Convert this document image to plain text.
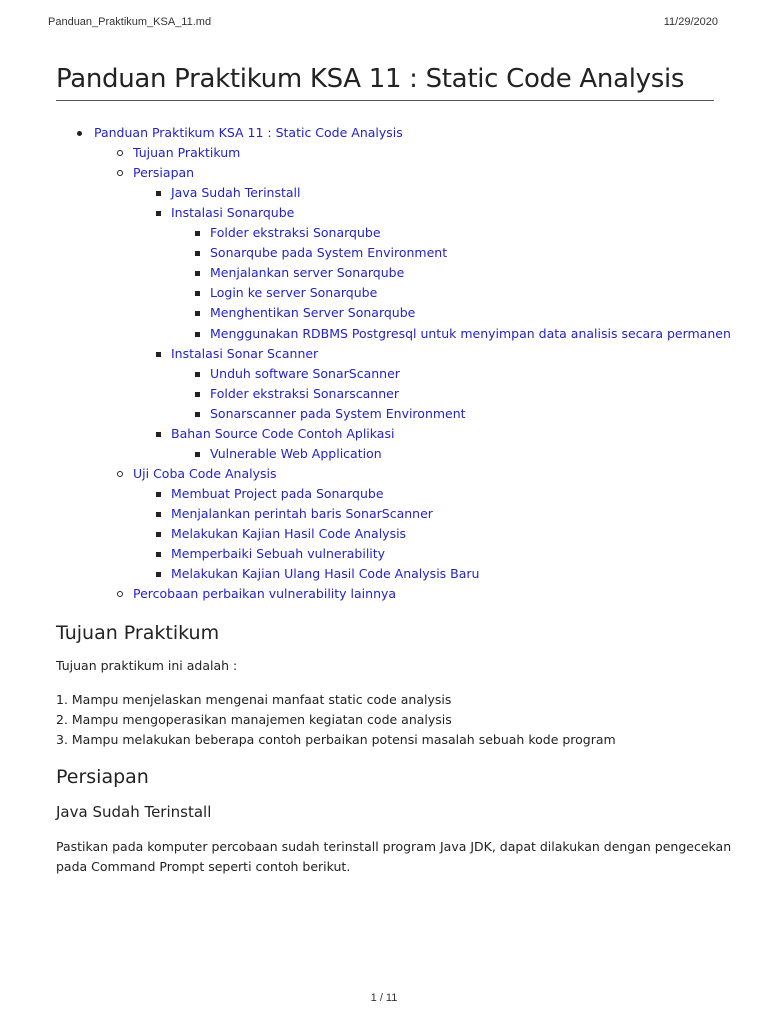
Panduan_Praktikum_KSA_11.md	11/29/2020
Panduan Praktikum KSA 11 : Static Code Analysis
Panduan Praktikum KSA 11 : Static Code Analysis
Tujuan Praktikum
Persiapan
Java Sudah Terinstall
Instalasi Sonarqube
Folder ekstraksi Sonarqube
Sonarqube pada System Environment
Menjalankan server Sonarqube
Login ke server Sonarqube
Menghentikan Server Sonarqube
Menggunakan RDBMS Postgresql untuk menyimpan data analisis secara permanen
Instalasi Sonar Scanner
Unduh software SonarScanner
Folder ekstraksi Sonarscanner
Sonarscanner pada System Environment
Bahan Source Code Contoh Aplikasi
Vulnerable Web Application
Uji Coba Code Analysis
Membuat Project pada Sonarqube
Menjalankan perintah baris SonarScanner
Melakukan Kajian Hasil Code Analysis
Memperbaiki Sebuah vulnerability
Melakukan Kajian Ulang Hasil Code Analysis Baru
Percobaan perbaikan vulnerability lainnya
Tujuan Praktikum

Tujuan praktikum ini adalah :

1. Mampu menjelaskan mengenai manfaat static code analysis
2. Mampu mengoperasikan manajemen kegiatan code analysis
3. Mampu melakukan beberapa contoh perbaikan potensi masalah sebuah kode program
Persiapan
Java Sudah Terinstall

Pastikan pada komputer percobaan sudah terinstall program Java JDK, dapat dilakukan dengan pengecekan
pada Command Prompt seperti contoh berikut.

1 / 11
